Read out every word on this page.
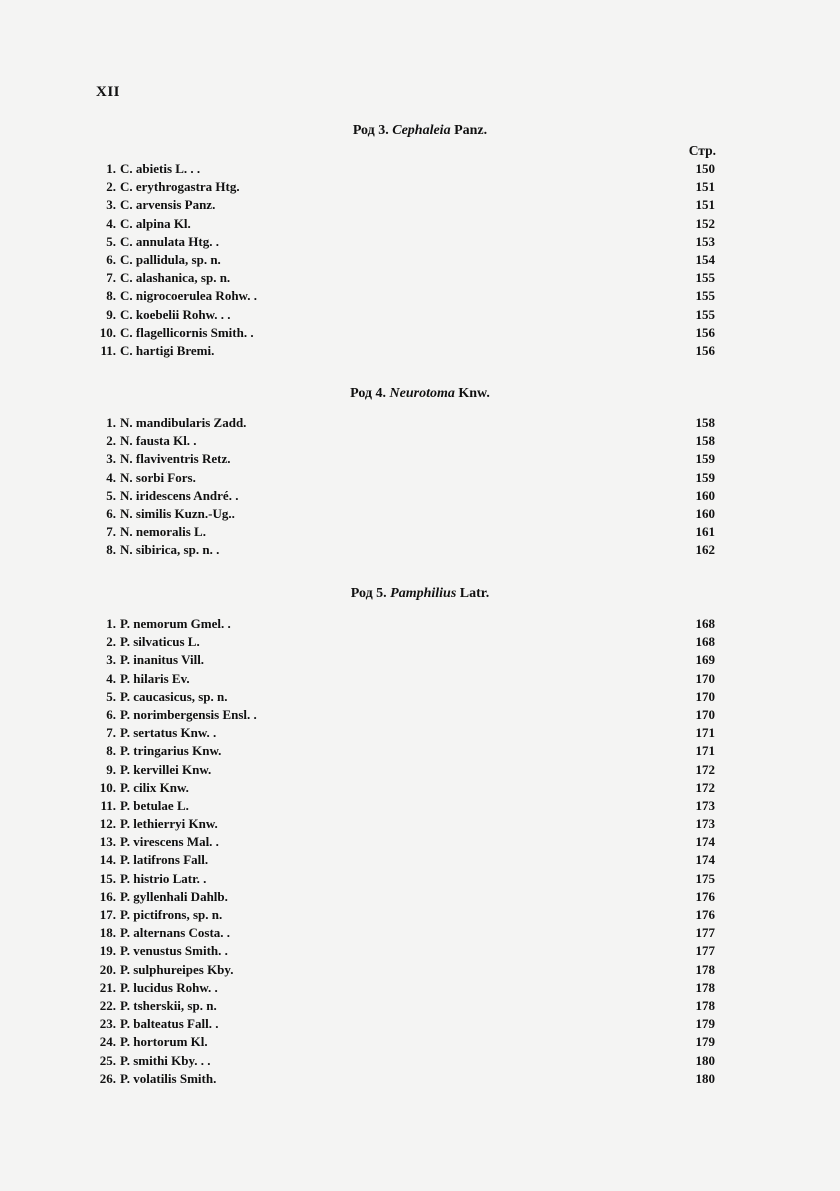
XII
Род 3. Cephaleia Panz.
Стр.
1. C. abietis L. . .	150
2. C. erythrogastra Htg.	151
3. C. arvensis Panz.	151
4. C. alpina Kl.	152
5. C. annulata Htg. .	153
6. C. pallidula, sp. n.	154
7. C. alashanica, sp. n.	155
8. C. nigrocoerulea Rohw. .	155
9. C. koebelii Rohw. . .	155
10. C. flagellicornis Smith. .	156
11. C. hartigi Bremi.	156
Род 4. Neurotoma Knw.
1. N. mandibularis Zadd.	158
2. N. fausta Kl. .	158
3. N. flaviventris Retz.	159
4. N. sorbi Fors.	159
5. N. iridescens André. .	160
6. N. similis Kuzn.-Ug..	160
7. N. nemoralis L.	161
8. N. sibirica, sp. n. .	162
Род 5. Pamphilius Latr.
1. P. nemorum Gmel. .	168
2. P. silvaticus L.	168
3. P. inanitus Vill.	169
4. P. hilaris Ev.	170
5. P. caucasicus, sp. n.	170
6. P. norimbergensis Ensl. .	170
7. P. sertatus Knw. .	171
8. P. tringarius Knw.	171
9. P. kervillei Knw.	172
10. P. cilix Knw.	172
11. P. betulae L.	173
12. P. lethierryi Knw.	173
13. P. virescens Mal. .	174
14. P. latifrons Fall.	174
15. P. histrio Latr. .	175
16. P. gyllenhali Dahlb.	176
17. P. pictifrons, sp. n.	176
18. P. alternans Costa. .	177
19. P. venustus Smith. .	177
20. P. sulphureipes Kby.	178
21. P. lucidus Rohw. .	178
22. P. tsherskii, sp. n.	178
23. P. balteatus Fall. .	179
24. P. hortorum Kl.	179
25. P. smithi Kby. . .	180
26. P. volatilis Smith.	180
